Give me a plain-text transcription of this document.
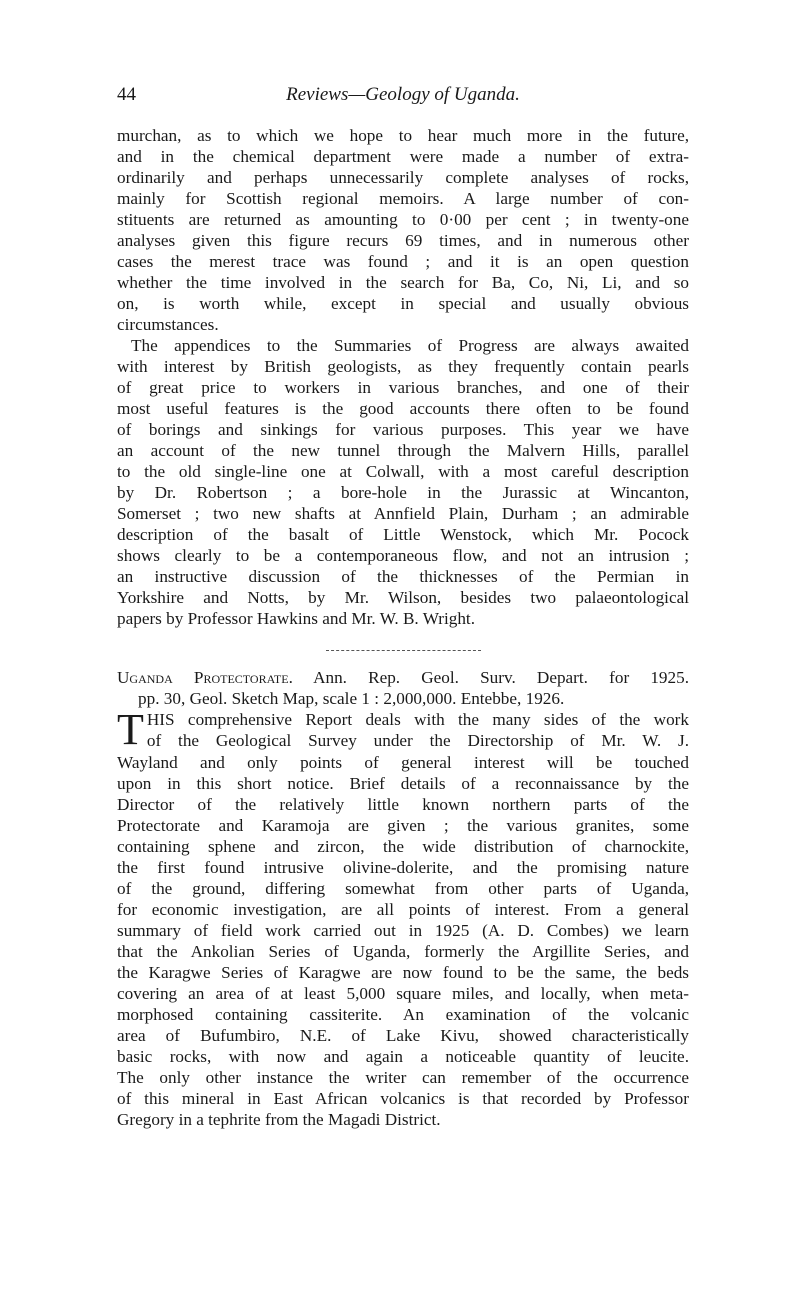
44	Reviews—Geology of Uganda.
murchan, as to which we hope to hear much more in the future,
and in the chemical department were made a number of extra-
ordinarily and perhaps unnecessarily complete analyses of rocks,
mainly for Scottish regional memoirs. A large number of con-
stituents are returned as amounting to 0·00 per cent ; in twenty-one
analyses given this figure recurs 69 times, and in numerous other
cases the merest trace was found ; and it is an open question
whether the time involved in the search for Ba, Co, Ni, Li, and so
on, is worth while, except in special and usually obvious
circumstances.
The appendices to the Summaries of Progress are always awaited
with interest by British geologists, as they frequently contain pearls
of great price to workers in various branches, and one of their
most useful features is the good accounts there often to be found
of borings and sinkings for various purposes. This year we have
an account of the new tunnel through the Malvern Hills, parallel
to the old single-line one at Colwall, with a most careful description
by Dr. Robertson ; a bore-hole in the Jurassic at Wincanton,
Somerset ; two new shafts at Annfield Plain, Durham ; an admirable
description of the basalt of Little Wenstock, which Mr. Pocock
shows clearly to be a contemporaneous flow, and not an intrusion ;
an instructive discussion of the thicknesses of the Permian in
Yorkshire and Notts, by Mr. Wilson, besides two palaeontological
papers by Professor Hawkins and Mr. W. B. Wright.
Uganda Protectorate. Ann. Rep. Geol. Surv. Depart. for 1925.
pp. 30, Geol. Sketch Map, scale 1 : 2,000,000. Entebbe, 1926.
T HIS comprehensive Report deals with the many sides of the work
of the Geological Survey under the Directorship of Mr. W. J.
Wayland and only points of general interest will be touched
upon in this short notice. Brief details of a reconnaissance by the
Director of the relatively little known northern parts of the
Protectorate and Karamoja are given ; the various granites, some
containing sphene and zircon, the wide distribution of charnockite,
the first found intrusive olivine-dolerite, and the promising nature
of the ground, differing somewhat from other parts of Uganda,
for economic investigation, are all points of interest. From a general
summary of field work carried out in 1925 (A. D. Combes) we learn
that the Ankolian Series of Uganda, formerly the Argillite Series, and
the Karagwe Series of Karagwe are now found to be the same, the beds
covering an area of at least 5,000 square miles, and locally, when meta-
morphosed containing cassiterite. An examination of the volcanic
area of Bufumbiro, N.E. of Lake Kivu, showed characteristically
basic rocks, with now and again a noticeable quantity of leucite.
The only other instance the writer can remember of the occurrence
of this mineral in East African volcanics is that recorded by Professor
Gregory in a tephrite from the Magadi District.
